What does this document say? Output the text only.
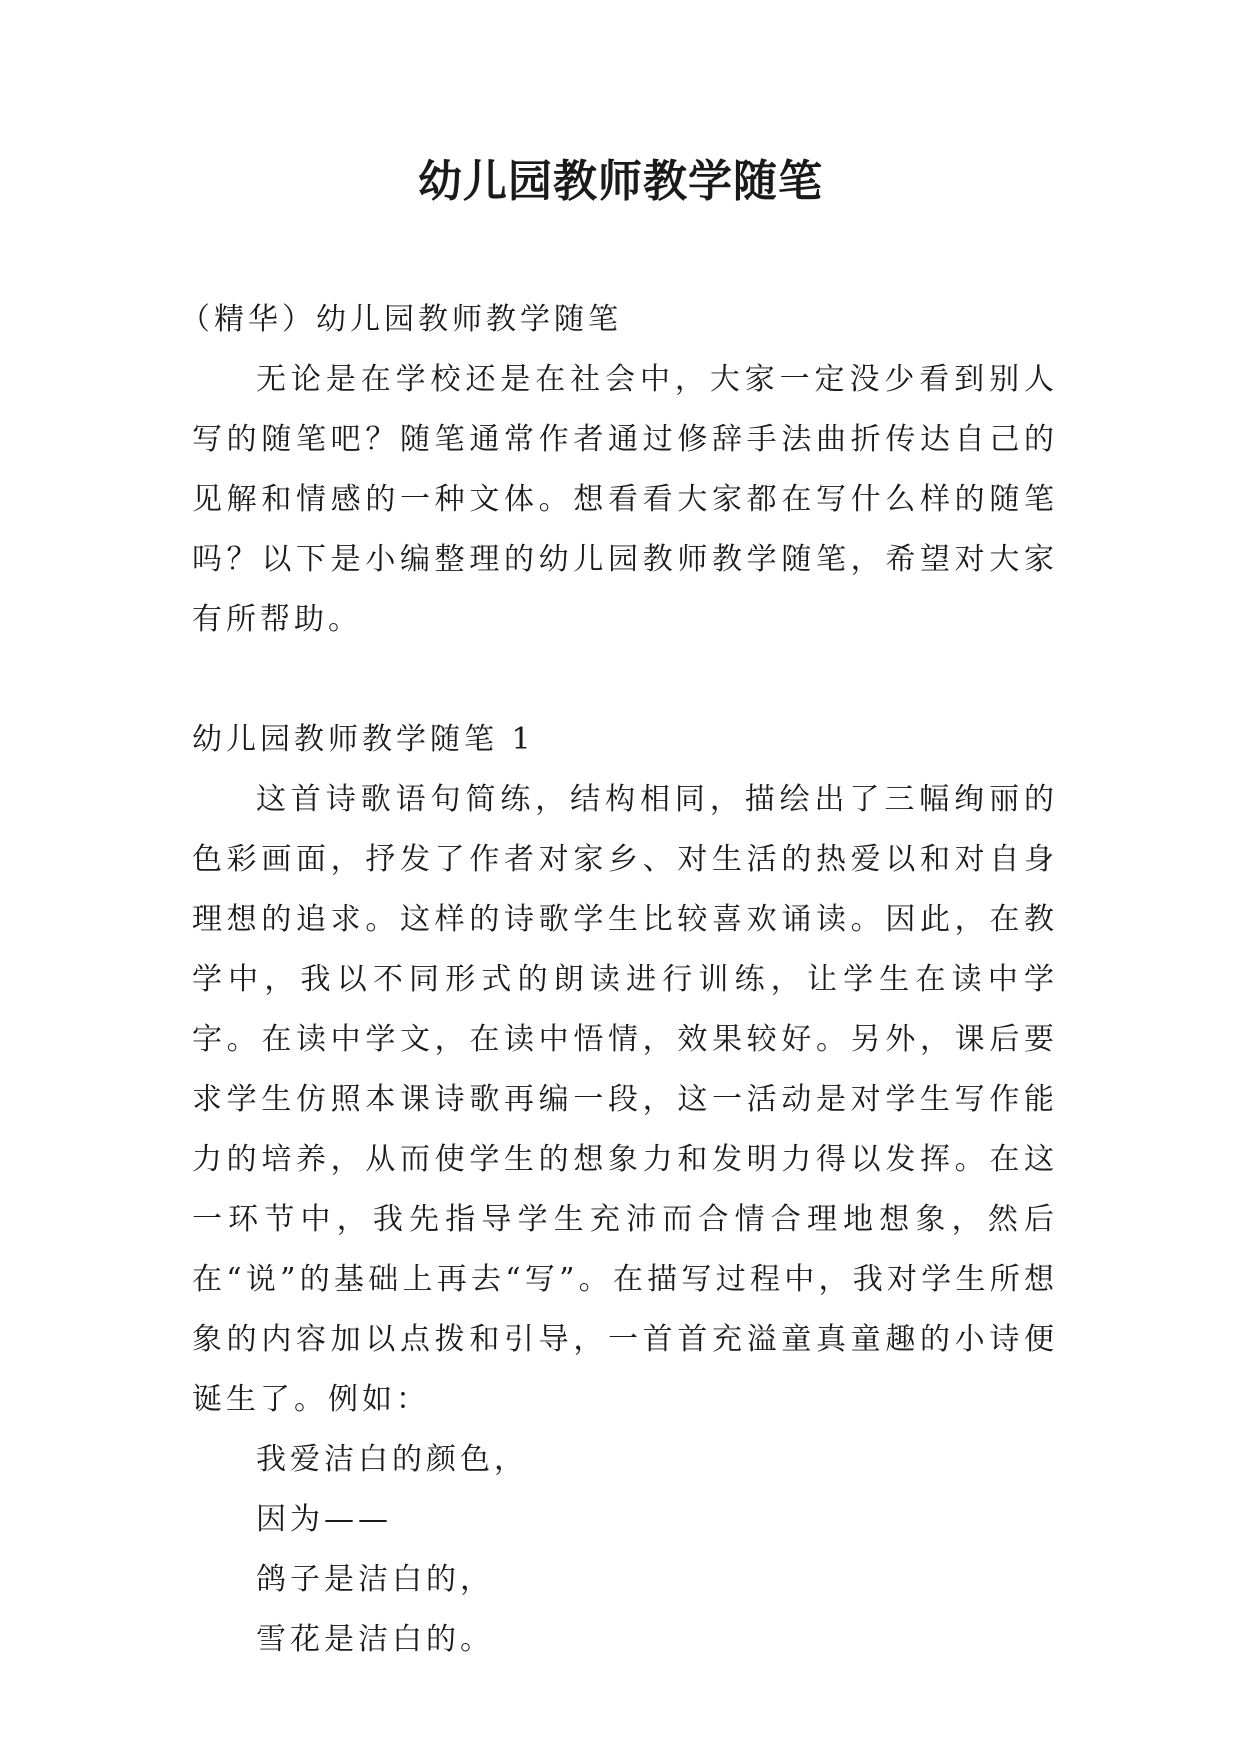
幼儿园教师教学随笔

（精华）幼儿园教师教学随笔

无论是在学校还是在社会中，大家一定没少看到别人写的随笔吧？随笔通常作者通过修辞手法曲折传达自己的见解和情感的一种文体。想看看大家都在写什么样的随笔吗？以下是小编整理的幼儿园教师教学随笔，希望对大家有所帮助。

幼儿园教师教学随笔 1

这首诗歌语句简练，结构相同，描绘出了三幅绚丽的色彩画面，抒发了作者对家乡、对生活的热爱以和对自身理想的追求。这样的诗歌学生比较喜欢诵读。因此，在教学中，我以不同形式的朗读进行训练，让学生在读中学字。在读中学文，在读中悟情，效果较好。另外，课后要求学生仿照本课诗歌再编一段，这一活动是对学生写作能力的培养，从而使学生的想象力和发明力得以发挥。在这一环节中，我先指导学生充沛而合情合理地想象，然后在“说”的基础上再去“写”。在描写过程中，我对学生所想象的内容加以点拨和引导，一首首充溢童真童趣的小诗便诞生了。例如：

我爱洁白的颜色，

因为——

鸽子是洁白的，

雪花是洁白的。
